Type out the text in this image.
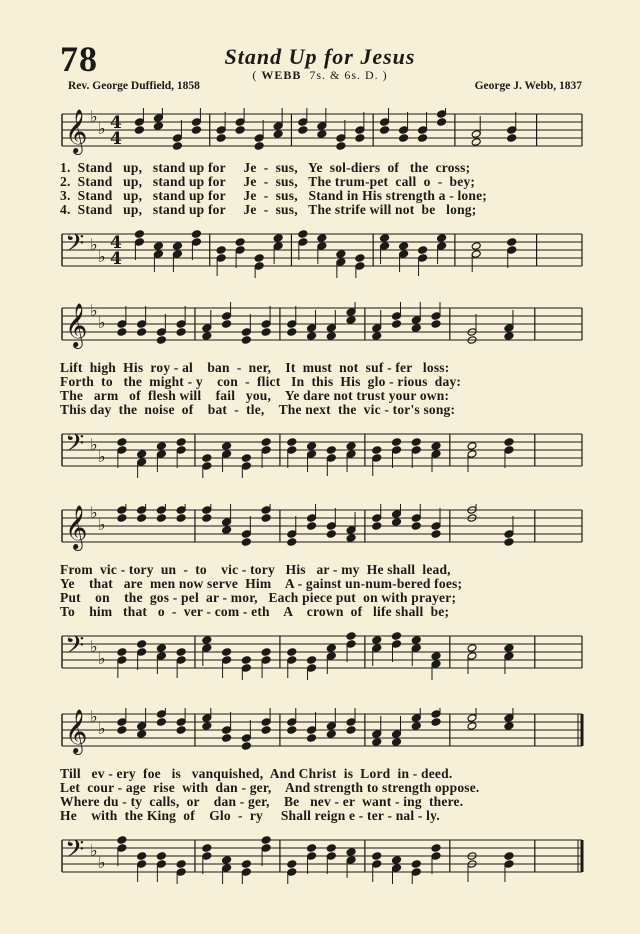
78	Stand Up for Jesus
( WEBB 7s. & 6s. D. )
Rev. George Duffield, 1858	George J. Webb, 1837
𝄞 ♭
♭ 4
4
1.  Stand   up,   stand up for     Je  -  sus,   Ye  sol-diers  of   the  cross;
2.  Stand   up,   stand up for     Je  -  sus,   The trum-pet  call  o  -  bey;
3.  Stand   up,   stand up for     Je  -  sus,   Stand in His strength a - lone;
4.  Stand   up,   stand up for     Je  -  sus,   The strife will not  be   long;
𝄢 ♭
♭
4
4
𝄞 ♭
♭
Lift  high  His  roy - al    ban  -  ner,    It  must  not  suf - fer   loss:
Forth  to   the  might - y    con  -  flict   In  this  His  glo - rious  day:
The   arm   of  flesh will    fail   you,    Ye dare not trust your own:
This day  the  noise  of    bat  -  tle,    The next  the  vic - tor's song:
𝄢 ♭
♭
𝄞 ♭
♭
From  vic - tory  un  -  to    vic - tory   His   ar - my  He shall  lead,
Ye    that   are  men now serve  Him    A - gainst un-num-bered foes;
Put    on    the  gos - pel  ar - mor,   Each piece put  on with prayer;
To    him   that   o  -  ver - com - eth    A    crown  of   life shall  be;
𝄢 ♭
♭
𝄞 ♭
♭
Till   ev - ery  foe   is   vanquished,  And Christ  is  Lord  in - deed.
Let  cour - age  rise  with  dan - ger,    And strength to strength oppose.
Where du - ty  calls,  or    dan - ger,    Be   nev - er  want - ing  there.
He    with  the King  of    Glo  -  ry     Shall reign e - ter - nal - ly.
𝄢 ♭
♭
